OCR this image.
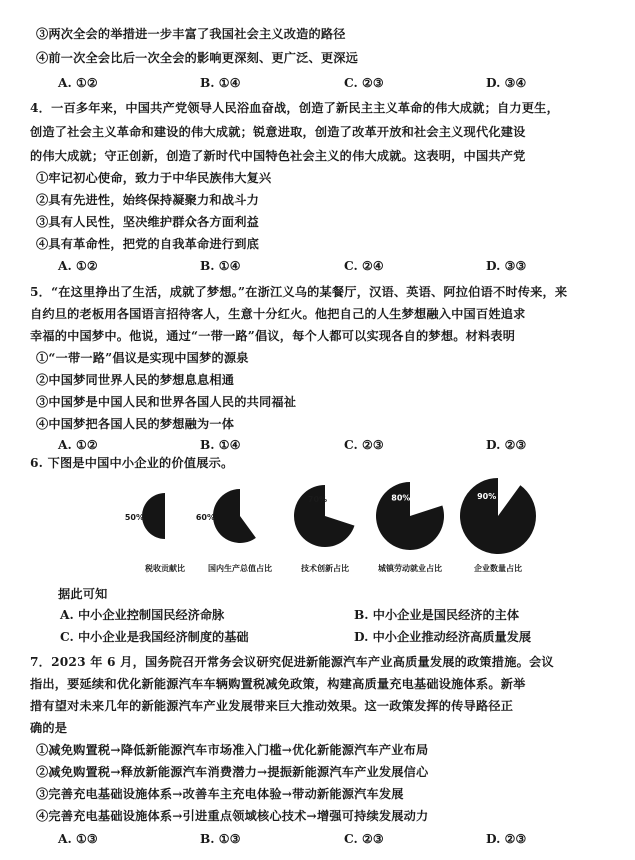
③两次全会的举措进一步丰富了我国社会主义改造的路径
④前一次全会比后一次全会的影响更深刻、更广泛、更深远
A. ①②	B. ①④	C. ②③	D. ③④
4．一百多年来，中国共产党领导人民浴血奋战，创造了新民主主义革命的伟大成就；自力更生，
创造了社会主义革命和建设的伟大成就；锐意进取，创造了改革开放和社会主义现代化建设
的伟大成就；守正创新，创造了新时代中国特色社会主义的伟大成就。这表明，中国共产党
①牢记初心使命，致力于中华民族伟大复兴
②具有先进性，始终保持凝聚力和战斗力
③具有人民性，坚决维护群众各方面利益
④具有革命性，把党的自我革命进行到底
A. ①②	B. ①④	C. ②④	D. ③③
5．“在这里挣出了生活，成就了梦想。”在浙江义乌的某餐厅，汉语、英语、阿拉伯语不时传来，来
自约旦的老板用各国语言招待客人，生意十分红火。他把自己的人生梦想融入中国百姓追求
幸福的中国梦中。他说，通过“一带一路”倡议，每个人都可以实现各自的梦想。材料表明
①“一带一路”倡议是实现中国梦的源泉
②中国梦同世界人民的梦想息息相通
③中国梦是中国人民和世界各国人民的共同福祉
④中国梦把各国人民的梦想融为一体
A. ①②	B. ①④	C. ②③	D. ②③
6. 下图是中国中小企业的价值展示。
50%
税收贡献比
60%
国内生产总值占比
70%
技术创新占比
80%
城镇劳动就业占比
90%
企业数量占比
据此可知
A. 中小企业控制国民经济命脉	B. 中小企业是国民经济的主体
C. 中小企业是我国经济制度的基础	D. 中小企业推动经济高质量发展
7．2023 年 6 月，国务院召开常务会议研究促进新能源汽车产业高质量发展的政策措施。会议
指出，要延续和优化新能源汽车车辆购置税减免政策，构建高质量充电基础设施体系。新举
措有望对未来几年的新能源汽车产业发展带来巨大推动效果。这一政策发挥的传导路径正
确的是
①减免购置税→降低新能源汽车市场准入门槛→优化新能源汽车产业布局
②减免购置税→释放新能源汽车消费潜力→提振新能源汽车产业发展信心
③完善充电基础设施体系→改善车主充电体验→带动新能源汽车发展
④完善充电基础设施体系→引进重点领域核心技术→增强可持续发展动力
A. ①③	B. ①③	C. ②③	D. ②③
